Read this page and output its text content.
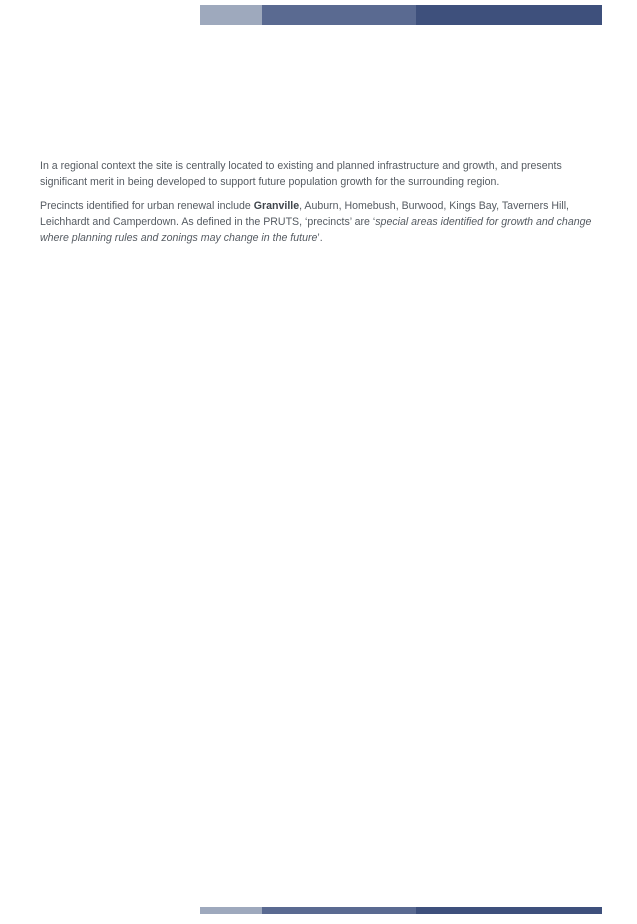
In a regional context the site is centrally located to existing and planned infrastructure and growth, and presents significant merit in being developed to support future population growth for the surrounding region.

Precincts identified for urban renewal include Granville, Auburn, Homebush, Burwood, Kings Bay, Taverners Hill, Leichhardt and Camperdown. As defined in the PRUTS, ‘precincts’ are ‘special areas identified for growth and change where planning rules and zonings may change in the future’.
